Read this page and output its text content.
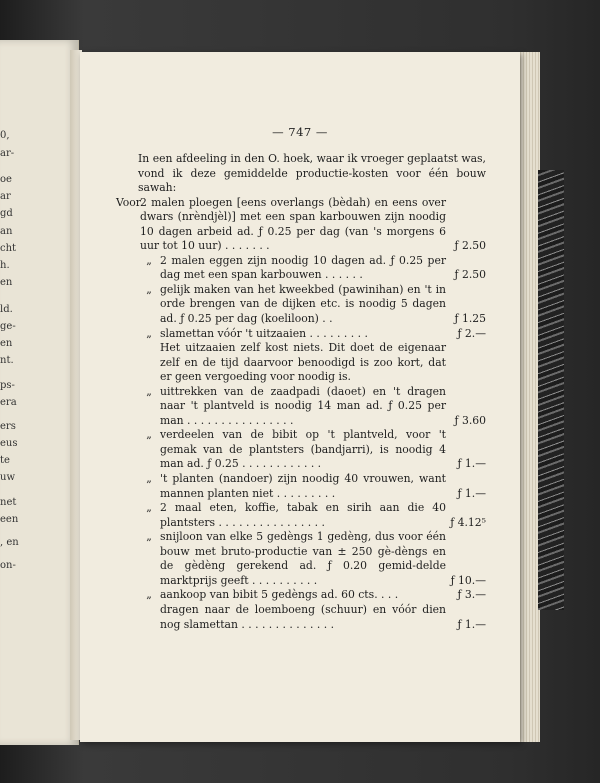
0,
ar-
oe
ar
gd
an
cht
h.
en
ld.
ge-
en
nt.
ps-
era
ers
eus
te
uw
net
een
, en
on-
— 747 —
In een afdeeling in den O. hoek, waar ik vroeger geplaatst was, vond ik deze gemiddelde productie-kosten voor één bouw sawah:
Voor 2 malen ploegen [eens overlangs (bèdah) en eens over dwars (nrèndjèl)] met een span karbouwen zijn noodig 10 dagen arbeid ad. ƒ 0.25 per dag (van 's morgens 6 uur tot 10 uur) . . . . . . .	ƒ 2.50
„ 2 malen eggen zijn noodig 10 dagen ad. ƒ 0.25 per dag met een span karbouwen . . . . . .	ƒ 2.50
„ gelijk maken van het kweekbed (pawinihan) en 't in orde brengen van de dijken etc. is noodig 5 dagen ad. ƒ 0.25 per dag (koeliloon) . .	ƒ 1.25
„ slamettan vóór 't uitzaaien . . . . . . . . .	ƒ 2.—
Het uitzaaien zelf kost niets. Dit doet de eigenaar zelf en de tijd daarvoor benoodigd is zoo kort, dat er geen vergoeding voor noodig is.
„ uittrekken van de zaadpadi (daoet) en 't dragen naar 't plantveld is noodig 14 man ad. ƒ 0.25 per man . . . . . . . . . . . . . . . .	ƒ 3.60
„ verdeelen van de bibit op 't plantveld, voor 't gemak van de plantsters (bandjarri), is noodig 4 man ad. ƒ 0.25 . . . . . . . . . . . .	ƒ 1.—
„ 't planten (nandoer) zijn noodig 40 vrouwen, want mannen planten niet . . . . . . . . .	ƒ 1.—
„ 2 maal eten, koffie, tabak en sirih aan die 40 plantsters . . . . . . . . . . . . . . . .	ƒ 4.12⁵
„ snijloon van elke 5 gedèngs 1 gedèng, dus voor één bouw met bruto-productie van ± 250 gè-dèngs en de gèdèng gerekend ad. ƒ 0.20 gemid-delde marktprijs geeft . . . . . . . . . .	ƒ 10.—
„ aankoop van bibit 5 gedèngs ad. 60 cts. . . .	ƒ 3.—
dragen naar de loemboeng (schuur) en vóór dien nog slamettan . . . . . . . . . . . . . .	ƒ 1.—
